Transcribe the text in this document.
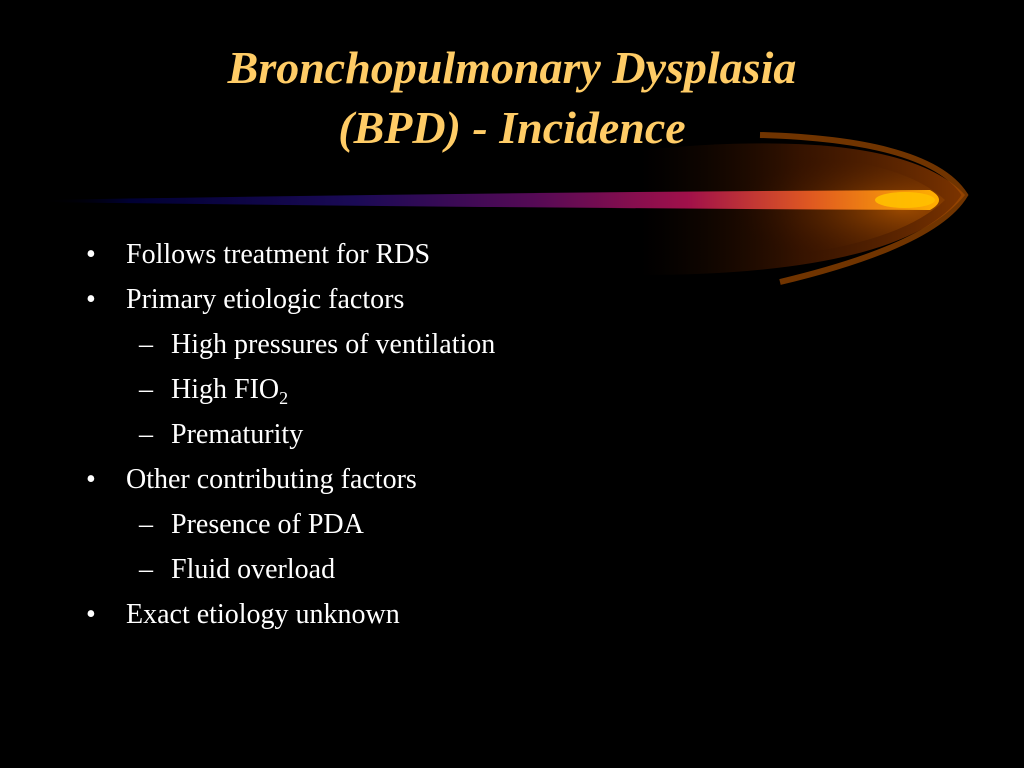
Bronchopulmonary Dysplasia
(BPD) - Incidence
• Follows treatment for RDS
• Primary etiologic factors
– High pressures of ventilation
– High $FIO_2$
– Prematurity
• Other contributing factors
– Presence of PDA
– Fluid overload
• Exact etiology unknown
